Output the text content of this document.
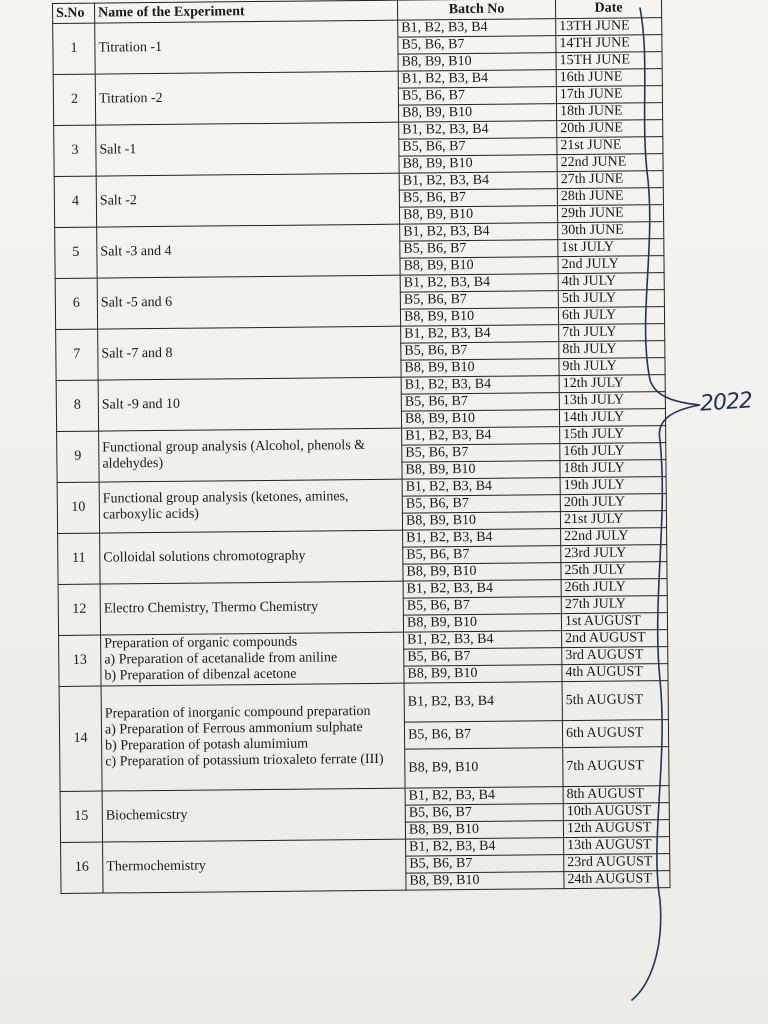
S.No	Name of the Experiment	Batch No	Date
1	Titration -1	B1, B2, B3, B4	13TH JUNE
		B5, B6, B7	14TH JUNE
		B8, B9, B10	15TH JUNE
2	Titration -2	B1, B2, B3, B4	16th JUNE
		B5, B6, B7	17th JUNE
		B8, B9, B10	18th JUNE
3	Salt -1	B1, B2, B3, B4	20th JUNE
		B5, B6, B7	21st JUNE
		B8, B9, B10	22nd JUNE
4	Salt -2	B1, B2, B3, B4	27th JUNE
		B5, B6, B7	28th JUNE
		B8, B9, B10	29th JUNE
5	Salt -3 and 4	B1, B2, B3, B4	30th JUNE
		B5, B6, B7	1st JULY
		B8, B9, B10	2nd JULY
6	Salt -5 and 6	B1, B2, B3, B4	4th JULY
		B5, B6, B7	5th JULY
		B8, B9, B10	6th JULY
7	Salt -7 and 8	B1, B2, B3, B4	7th JULY
		B5, B6, B7	8th JULY
		B8, B9, B10	9th JULY
8	Salt -9 and 10	B1, B2, B3, B4	12th JULY
		B5, B6, B7	13th JULY
		B8, B9, B10	14th JULY
9	Functional group analysis (Alcohol, phenols & aldehydes)	B1, B2, B3, B4	15th JULY
		B5, B6, B7	16th JULY
		B8, B9, B10	18th JULY
10	Functional group analysis (ketones, amines, carboxylic acids)	B1, B2, B3, B4	19th JULY
		B5, B6, B7	20th JULY
		B8, B9, B10	21st JULY
11	Colloidal solutions chromotography	B1, B2, B3, B4	22nd JULY
		B5, B6, B7	23rd JULY
		B8, B9, B10	25th JULY
12	Electro Chemistry, Thermo Chemistry	B1, B2, B3, B4	26th JULY
		B5, B6, B7	27th JULY
		B8, B9, B10	1st AUGUST
13	Preparation of organic compounds
a) Preparation of acetanalide from aniline
b) Preparation of dibenzal acetone	B1, B2, B3, B4	2nd AUGUST
		B5, B6, B7	3rd AUGUST
		B8, B9, B10	4th AUGUST
14	Preparation of inorganic compound preparation
a) Preparation of Ferrous ammonium sulphate
b) Preparation of potash alumimium
c) Preparation of potassium trioxaleto ferrate (III)	B1, B2, B3, B4	5th AUGUST
		B5, B6, B7	6th AUGUST
		B8, B9, B10	7th AUGUST
15	Biochemicstry	B1, B2, B3, B4	8th AUGUST
		B5, B6, B7	10th AUGUST
		B8, B9, B10	12th AUGUST
16	Thermochemistry	B1, B2, B3, B4	13th AUGUST
		B5, B6, B7	23rd AUGUST
		B8, B9, B10	24th AUGUST
2022
